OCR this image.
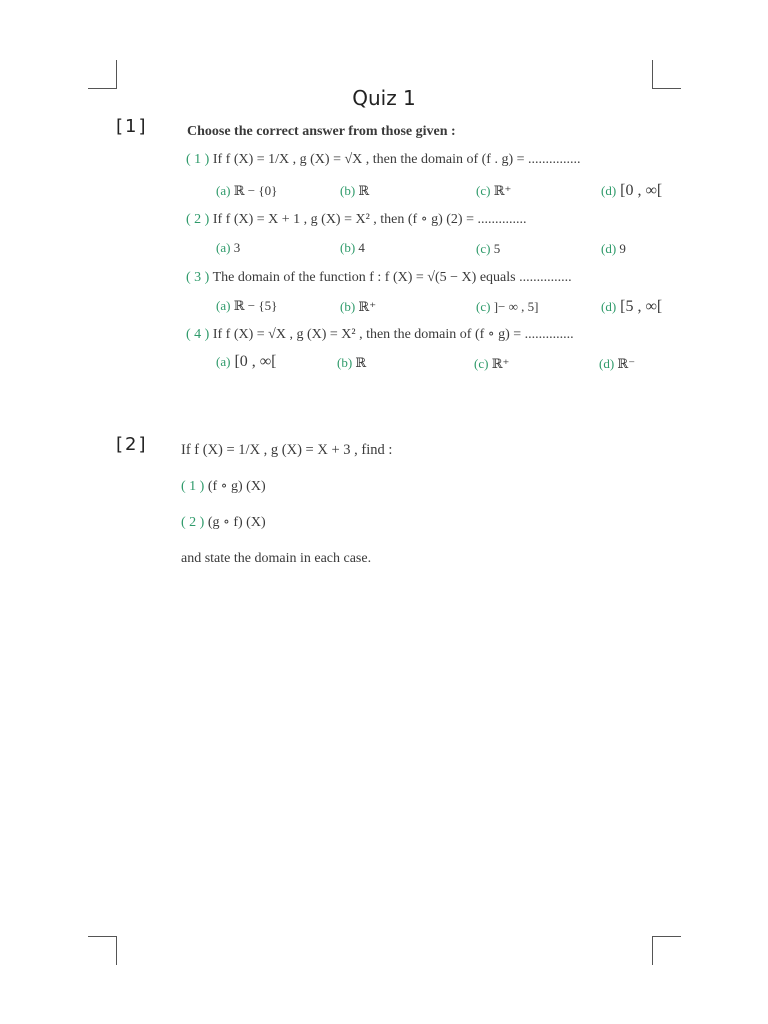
Quiz 1
[1]	Choose the correct answer from those given :
( 1 ) If f (X) = 1/X , g (X) = √X , then the domain of (f . g) = ...............
(a) ℝ − {0}	(b) ℝ	(c) ℝ⁺	(d) [0 , ∞[
( 2 ) If f (X) = X + 1 , g (X) = X² , then (f ∘ g) (2) = ..............
(a) 3	(b) 4	(c) 5	(d) 9
( 3 ) The domain of the function f : f (X) = √(5 − X) equals ...............
(a) ℝ − {5}	(b) ℝ⁺	(c) ]− ∞ , 5]	(d) [5 , ∞[
( 4 ) If f (X) = √X , g (X) = X² , then the domain of (f ∘ g) = ..............
(a) [0 , ∞[	(b) ℝ	(c) ℝ⁺	(d) ℝ⁻
[2] If f (X) = 1/X , g (X) = X + 3 , find :
( 1 ) (f ∘ g) (X)
( 2 ) (g ∘ f) (X)
and state the domain in each case.
